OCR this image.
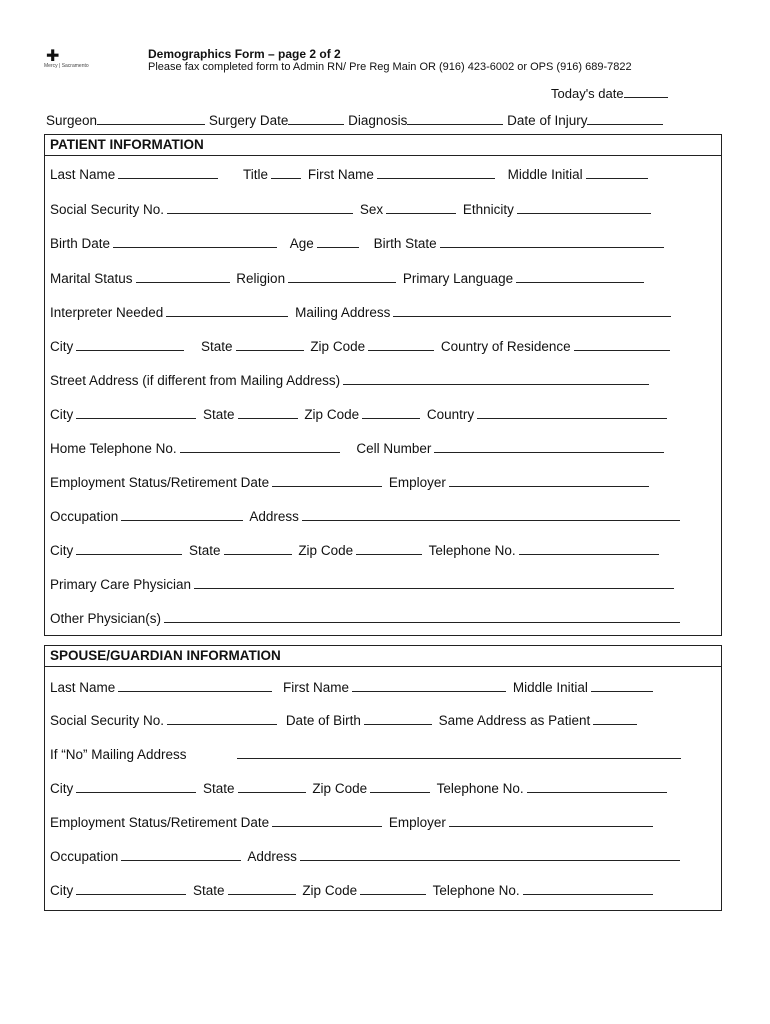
✚
Mercy | Sacramento
Demographics Form – page 2 of 2
Please fax completed form to Admin RN/ Pre Reg Main OR (916) 423-6002 or OPS (916) 689-7822
Today's date
Surgeon	Surgery Date	Diagnosis	Date of Injury
PATIENT INFORMATION
Last Name	Title	First Name	Middle Initial
Social Security No.	Sex	Ethnicity
Birth Date	Age	Birth State
Marital Status	Religion	Primary Language
Interpreter Needed	Mailing Address
City	State	Zip Code	Country of Residence
Street Address (if different from Mailing Address)
City	State	Zip Code	Country
Home Telephone No.	Cell Number
Employment Status/Retirement Date	Employer
Occupation	Address
City	State	Zip Code	Telephone No.
Primary Care Physician
Other Physician(s)
SPOUSE/GUARDIAN INFORMATION
Last Name	First Name	Middle Initial
Social Security No.	Date of Birth	Same Address as Patient
If “No” Mailing Address
City	State	Zip Code	Telephone No.
Employment Status/Retirement Date	Employer
Occupation	Address
City	State	Zip Code	Telephone No.
